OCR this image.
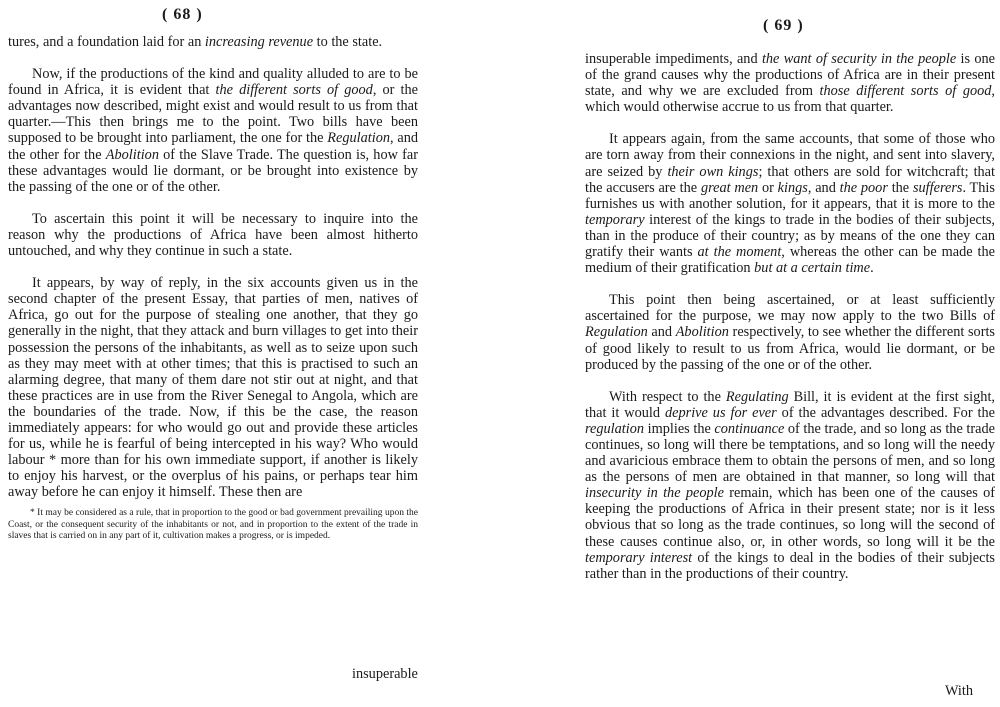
( 68 )

tures, and a foundation laid for an increasing revenue to the state.

Now, if the productions of the kind and quality alluded to are to be found in Africa, it is evident that the different sorts of good, or the advantages now described, might exist and would result to us from that quarter.—This then brings me to the point. Two bills have been supposed to be brought into parliament, the one for the Regulation, and the other for the Abolition of the Slave Trade. The question is, how far these advantages would lie dormant, or be brought into existence by the passing of the one or of the other.

To ascertain this point it will be necessary to inquire into the reason why the productions of Africa have been almost hitherto untouched, and why they continue in such a state.

It appears, by way of reply, in the six accounts given us in the second chapter of the present Essay, that parties of men, natives of Africa, go out for the purpose of stealing one another, that they go generally in the night, that they attack and burn villages to get into their possession the persons of the inhabitants, as well as to seize upon such as they may meet with at other times; that this is practised to such an alarming degree, that many of them dare not stir out at night, and that these practices are in use from the River Senegal to Angola, which are the boundaries of the trade. Now, if this be the case, the reason immediately appears: for who would go out and provide these articles for us, while he is fearful of being intercepted in his way? Who would labour * more than for his own immediate support, if another is likely to enjoy his harvest, or the overplus of his pains, or perhaps tear him away before he can enjoy it himself. These then are

* It may be considered as a rule, that in proportion to the good or bad government prevailing upon the Coast, or the consequent security of the inhabitants or not, and in proportion to the extent of the trade in slaves that is carried on in any part of it, cultivation makes a progress, or is impeded.
insuperable
( 69 )

insuperable impediments, and the want of security in the people is one of the grand causes why the productions of Africa are in their present state, and why we are excluded from those different sorts of good, which would otherwise accrue to us from that quarter.

It appears again, from the same accounts, that some of those who are torn away from their connexions in the night, and sent into slavery, are seized by their own kings; that others are sold for witchcraft; that the accusers are the great men or kings, and the poor the sufferers. This furnishes us with another solution, for it appears, that it is more to the temporary interest of the kings to trade in the bodies of their subjects, than in the produce of their country; as by means of the one they can gratify their wants at the moment, whereas the other can be made the medium of their gratification but at a certain time.

This point then being ascertained, or at least sufficiently ascertained for the purpose, we may now apply to the two Bills of Regulation and Abolition respectively, to see whether the different sorts of good likely to result to us from Africa, would lie dormant, or be produced by the passing of the one or of the other.

With respect to the Regulating Bill, it is evident at the first sight, that it would deprive us for ever of the advantages described. For the regulation implies the continuance of the trade, and so long as the trade continues, so long will there be temptations, and so long will the needy and avaricious embrace them to obtain the persons of men, and so long as the persons of men are obtained in that manner, so long will that insecurity in the people remain, which has been one of the causes of keeping the productions of Africa in their present state; nor is it less obvious that so long as the trade continues, so long will the second of these causes continue also, or, in other words, so long will it be the temporary interest of the kings to deal in the bodies of their subjects rather than in the productions of their country.

With
